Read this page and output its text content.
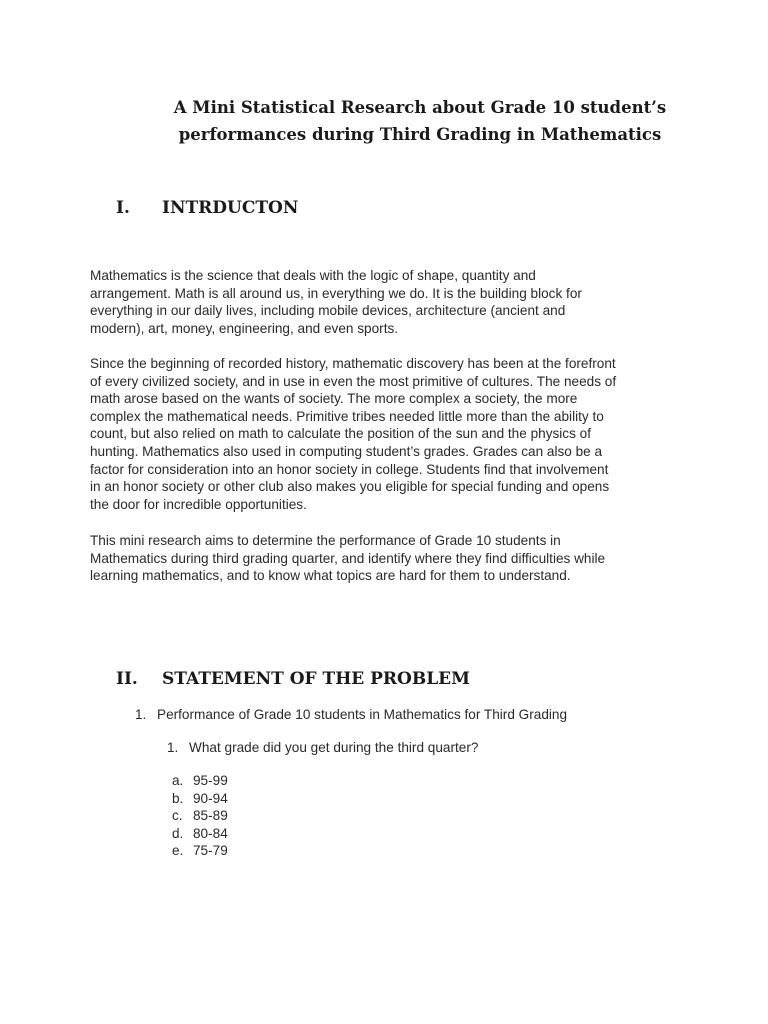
A Mini Statistical Research about Grade 10 student’s
performances during Third Grading in Mathematics
I. INTRDUCTON
Mathematics is the science that deals with the logic of shape, quantity and
arrangement. Math is all around us, in everything we do. It is the building block for
everything in our daily lives, including mobile devices, architecture (ancient and
modern), art, money, engineering, and even sports.
Since the beginning of recorded history, mathematic discovery has been at the forefront
of every civilized society, and in use in even the most primitive of cultures. The needs of
math arose based on the wants of society. The more complex a society, the more
complex the mathematical needs. Primitive tribes needed little more than the ability to
count, but also relied on math to calculate the position of the sun and the physics of
hunting. Mathematics also used in computing student’s grades. Grades can also be a
factor for consideration into an honor society in college. Students find that involvement
in an honor society or other club also makes you eligible for special funding and opens
the door for incredible opportunities.
This mini research aims to determine the performance of Grade 10 students in
Mathematics during third grading quarter, and identify where they find difficulties while
learning mathematics, and to know what topics are hard for them to understand.
II. STATEMENT OF THE PROBLEM
1. Performance of Grade 10 students in Mathematics for Third Grading
1. What grade did you get during the third quarter?
a. 95-99
b. 90-94
c. 85-89
d. 80-84
e. 75-79
